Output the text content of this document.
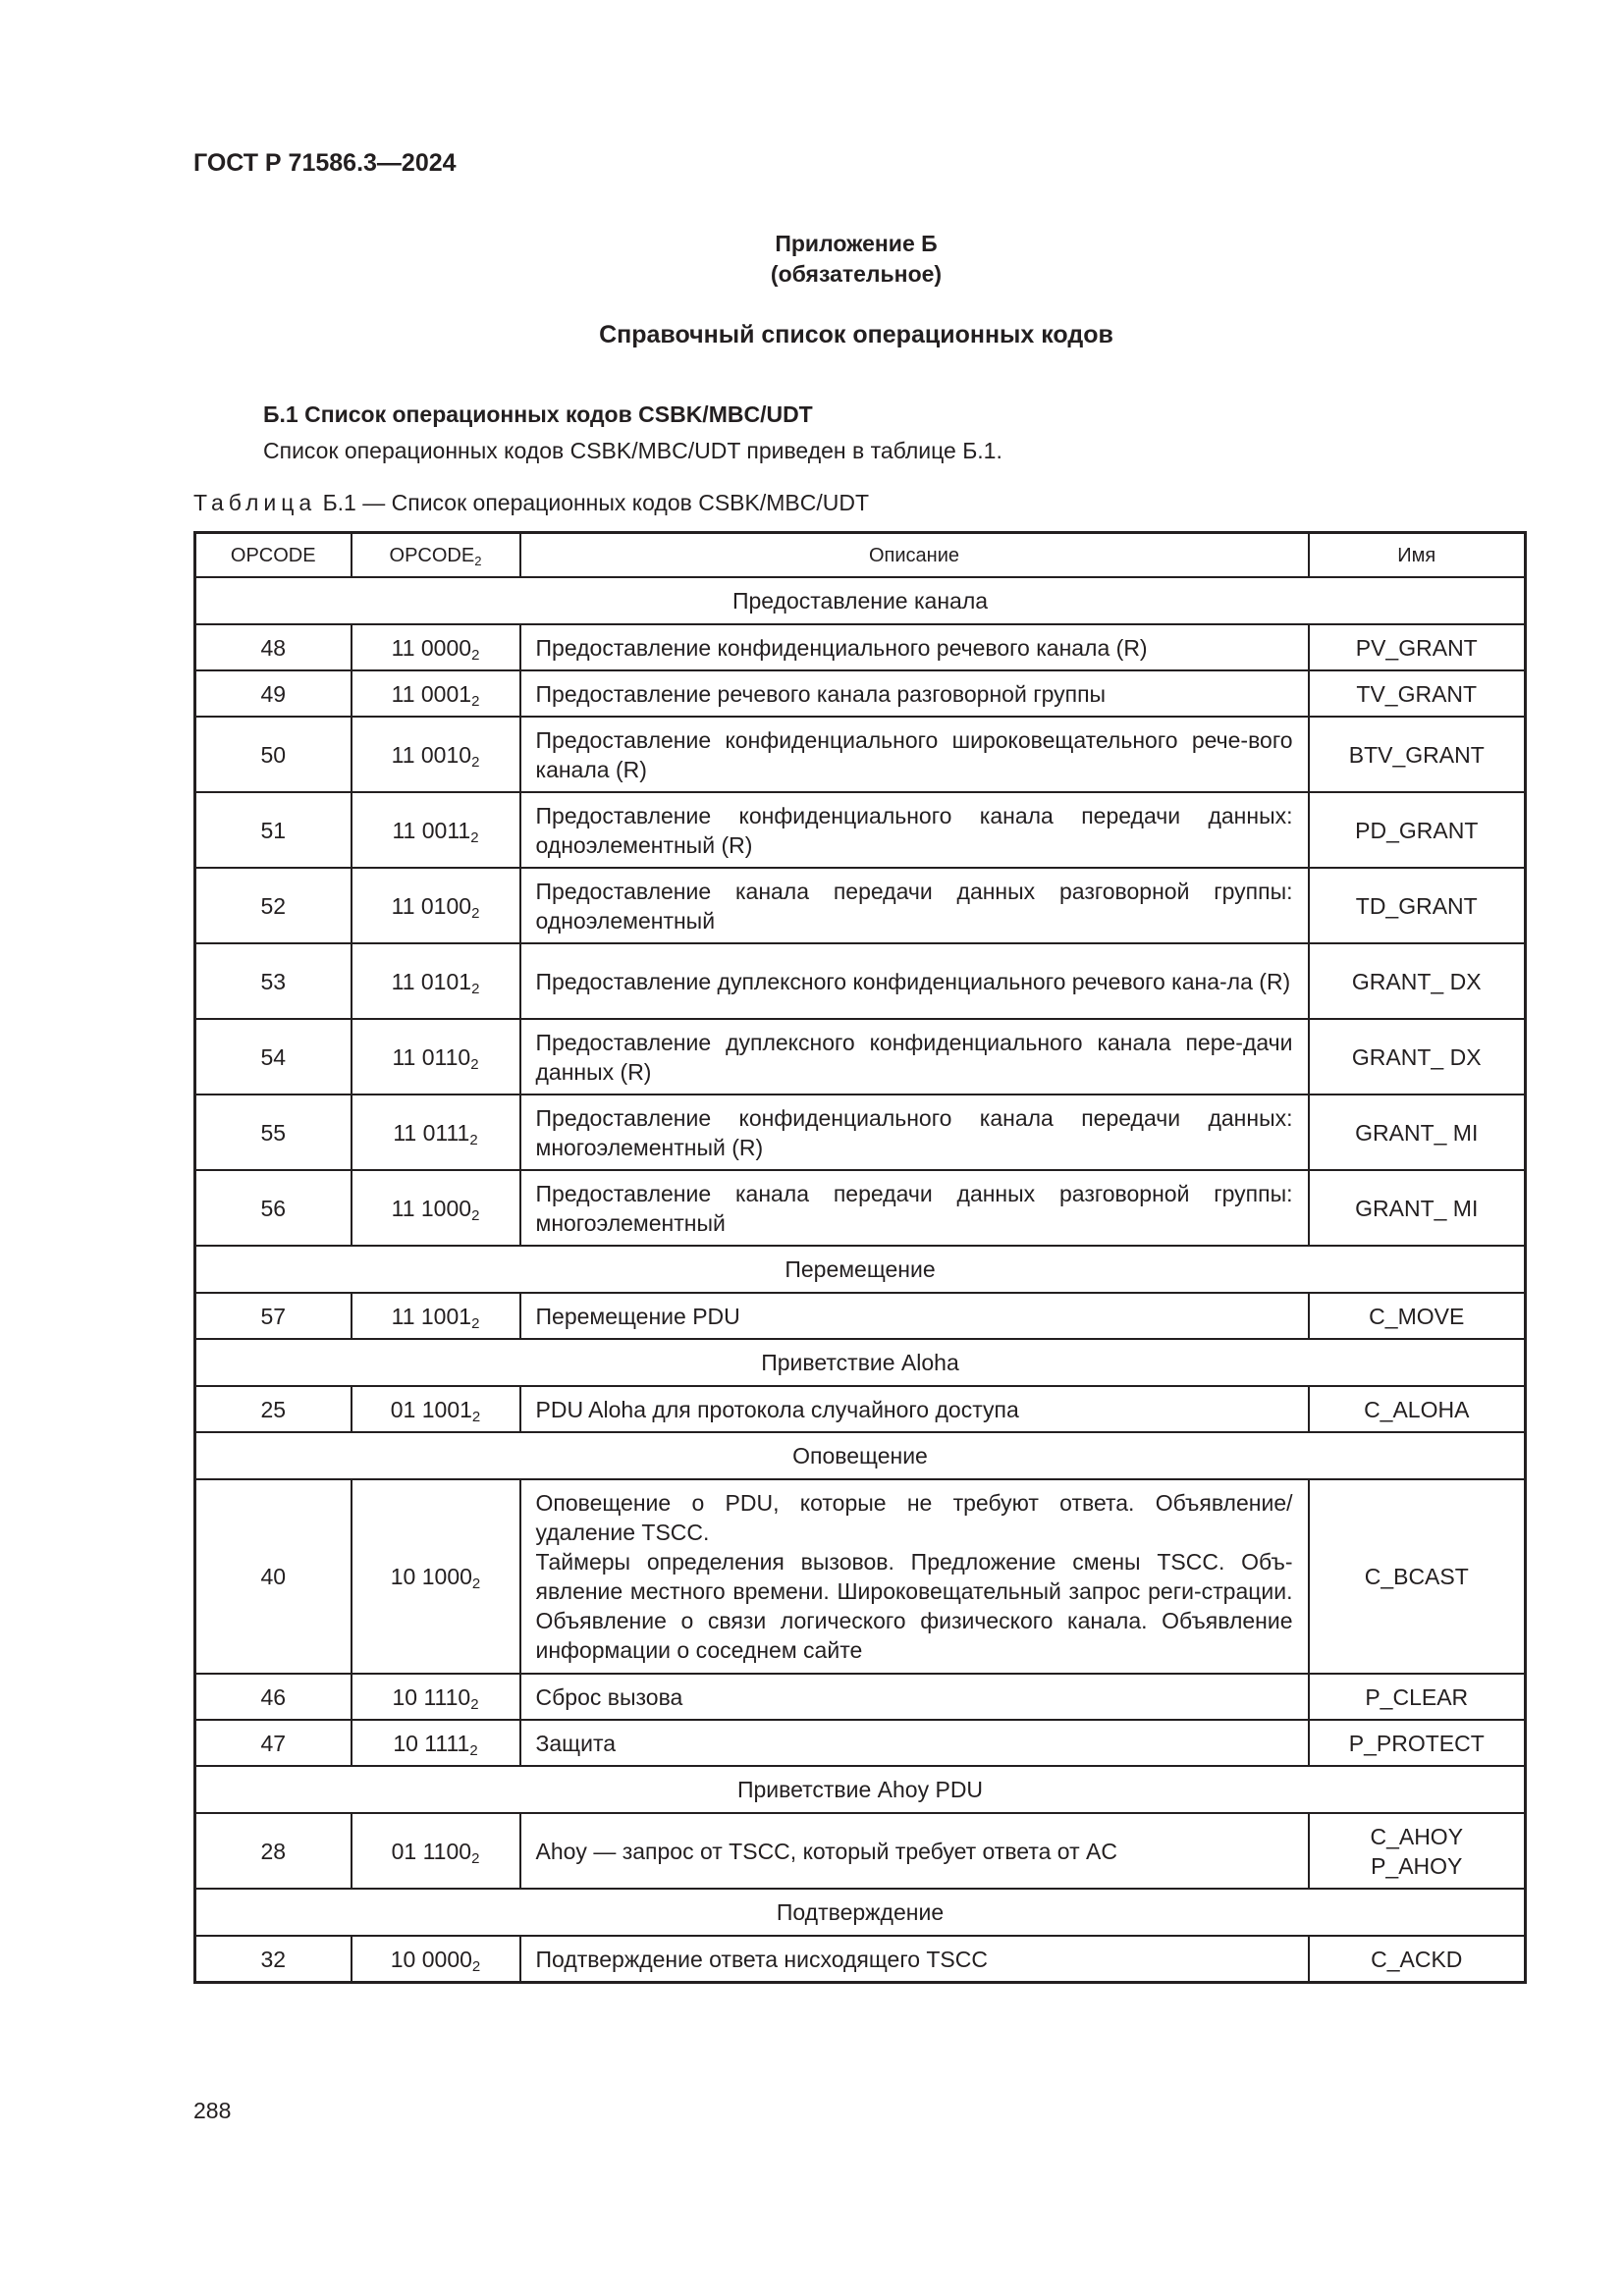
ГОСТ Р 71586.3—2024
Приложение Б
(обязательное)
Справочный список операционных кодов
Б.1 Список операционных кодов CSBK/MBC/UDT
Список операционных кодов CSBK/MBC/UDT приведен в таблице Б.1.
Таблица Б.1 — Список операционных кодов CSBK/MBC/UDT
OPCODE	$OPCODE_2$	Описание	Имя
Предоставление канала
48	11 $0000_2$	Предоставление конфиденциального речевого канала (R)	PV_GRANT
49	11 $0001_2$	Предоставление речевого канала разговорной группы	TV_GRANT
50	11 $0010_2$	Предоставление конфиденциального широковещательного рече-вого канала (R)	BTV_GRANT
51	11 $0011_2$	Предоставление конфиденциального канала передачи данных: одноэлементный (R)	PD_GRANT
52	11 $0100_2$	Предоставление канала передачи данных разговорной группы: одноэлементный	TD_GRANT
53	11 $0101_2$	Предоставление дуплексного конфиденциального речевого кана-ла (R)	GRANT_ DX
54	11 $0110_2$	Предоставление дуплексного конфиденциального канала пере-дачи данных (R)	GRANT_ DX
55	11 $0111_2$	Предоставление конфиденциального канала передачи данных: многоэлементный (R)	GRANT_ MI
56	11 $1000_2$	Предоставление канала передачи данных разговорной группы: многоэлементный	GRANT_ MI
Перемещение
57	11 $1001_2$	Перемещение PDU	C_MOVE
Приветствие Aloha
25	01 $1001_2$	PDU Aloha для протокола случайного доступа	C_ALOHA
Оповещение
40	10 $1000_2$	
Оповещение о PDU, которые не требуют ответа. Объявление/ удаление TSCC.
Таймеры определения вызовов. Предложение смены TSCC. Объ-явление местного времени. Широковещательный запрос реги-страции. Объявление о связи логического физического канала. Объявление информации о соседнем сайте
	C_BCAST
46	10 $1110_2$	Сброс вызова	P_CLEAR
47	10 $1111_2$	Защита	P_PROTECT
Приветствие Ahoy PDU
28	01 $1100_2$	Ahoy — запрос от TSCC, который требует ответа от AC	
C_AHOY
P_AHOY

Подтверждение
32	10 $0000_2$	Подтверждение ответа нисходящего TSCC	C_ACKD
288
